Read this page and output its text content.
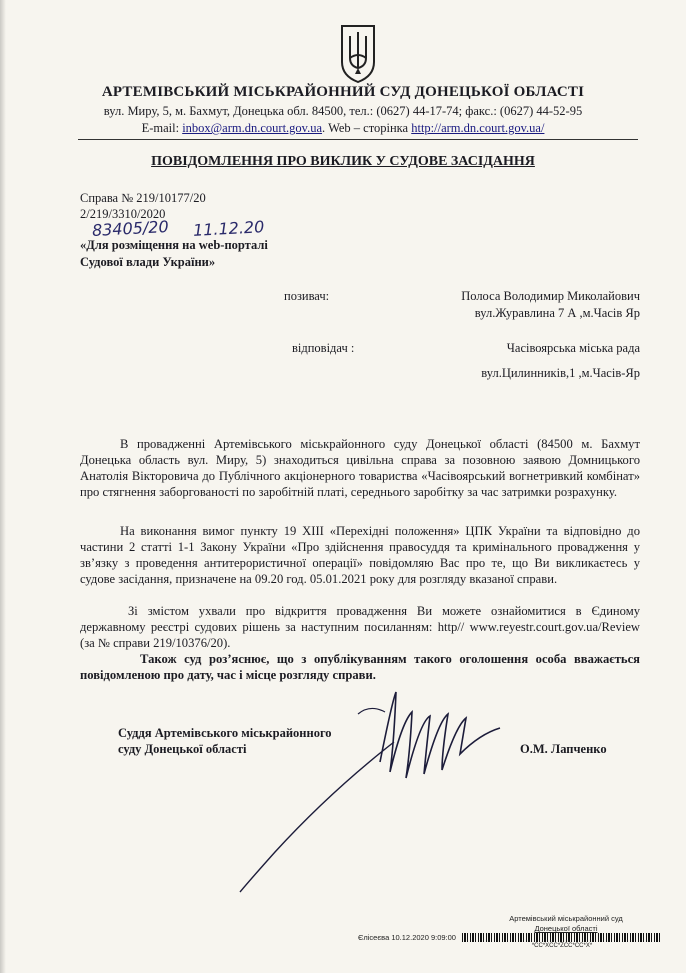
АРТЕМІВСЬКИЙ МІСЬКРАЙОННИЙ СУД ДОНЕЦЬКОЇ ОБЛАСТІ
вул. Миру, 5, м. Бахмут, Донецька обл. 84500, тел.: (0627) 44-17-74; факс.: (0627) 44-52-95
E-mail: inbox@arm.dn.court.gov.ua. Web – сторінка http://arm.dn.court.gov.ua/
ПОВІДОМЛЕННЯ ПРО ВИКЛИК У СУДОВЕ ЗАСІДАННЯ
Справа № 219/10177/20
2/219/3310/2020
83405/20 11.12.20
«Для розміщення на web-порталі
Судової влади України»
позивач:	Полоса Володимир Миколайович
вул.Журавлина 7 А ,м.Часів Яр
відповідач :	Часівоярська міська рада
вул.Цилинників,1 ,м.Часів-Яр
В провадженні Артемівського міськрайонного суду Донецької області (84500 м. Бахмут Донецька область вул. Миру, 5) знаходиться цивільна справа за позовною заявою Домницького Анатолія Вікторовича до Публічного акціонерного товариства «Часівоярський вогнетривкий комбінат» про стягнення заборгованості по заробітній платі, середнього заробітку за час затримки розрахунку.
На виконання вимог пункту 19 XIII «Перехідні положення» ЦПК України та відповідно до частини 2 статті 1-1 Закону України «Про здійснення правосуддя та кримінального провадження у зв’язку з проведення антитерористичної операції» повідомляю Вас про те, що Ви викликаєтесь у судове засідання, призначене на 09.20 год. 05.01.2021 року для розгляду вказаної справи.
Зі змістом ухвали про відкриття провадження Ви можете ознайомитися в Єдиному державному реєстрі судових рішень за наступним посиланням: http// www.reyestr.court.gov.ua/Review (за № справи 219/10376/20).
Також суд роз’яснює, що з опублікуванням такого оголошення особа вважається повідомленою про дату, час і місце розгляду справи.
Суддя Артемівського міськрайонного
суду Донецької області	О.М. Лапченко
Артемівський міськрайонний суд
Донецької області
Єлісеєва 10.12.2020 9:09:00
*CC*XCC*ZCC*CC*X*
